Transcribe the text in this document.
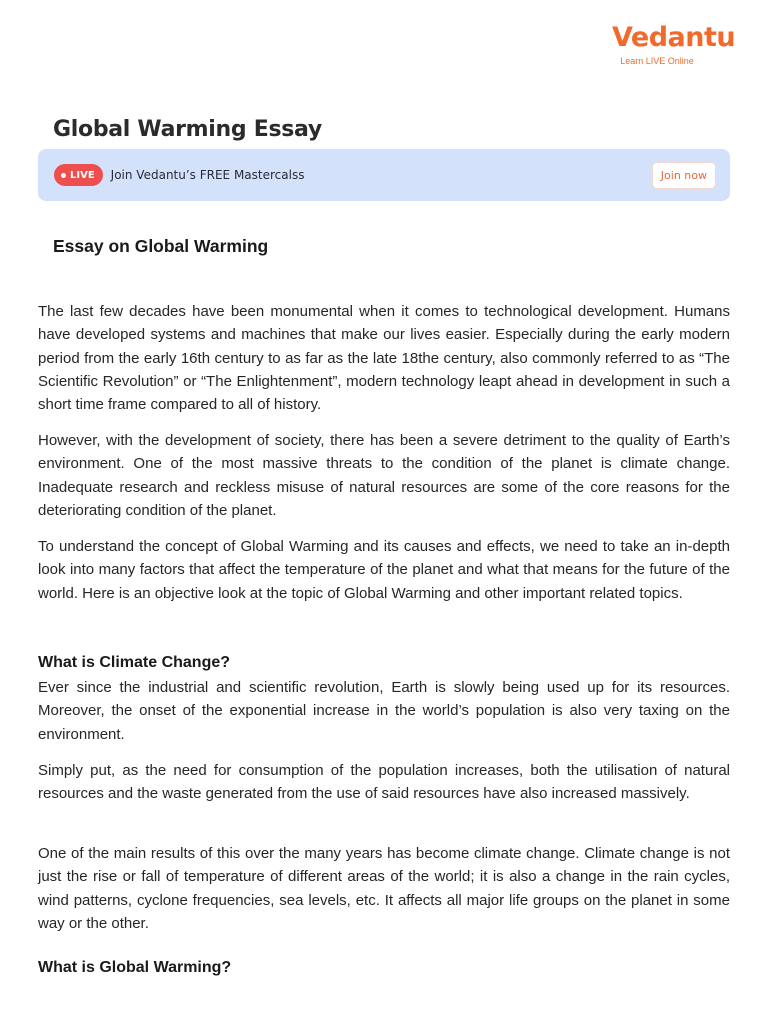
Vedantu
Learn LIVE Online
Global Warming Essay
LIVE Join Vedantu’s FREE Mastercalss	Join now
Essay on Global Warming

The last few decades have been monumental when it comes to technological development. Humans have developed systems and machines that make our lives easier. Especially during the early modern period from the early 16th century to as far as the late 18the century, also commonly referred to as “The Scientific Revolution” or “The Enlightenment”, modern technology leapt ahead in development in such a short time frame compared to all of history.

However, with the development of society, there has been a severe detriment to the quality of Earth’s environment. One of the most massive threats to the condition of the planet is climate change. Inadequate research and reckless misuse of natural resources are some of the core reasons for the deteriorating condition of the planet.

To understand the concept of Global Warming and its causes and effects, we need to take an in-depth look into many factors that affect the temperature of the planet and what that means for the future of the world. Here is an objective look at the topic of Global Warming and other important related topics.

What is Climate Change?

Ever since the industrial and scientific revolution, Earth is slowly being used up for its resources. Moreover, the onset of the exponential increase in the world’s population is also very taxing on the environment.

Simply put, as the need for consumption of the population increases, both the utilisation of natural resources and the waste generated from the use of said resources have also increased massively.

One of the main results of this over the many years has become climate change. Climate change is not just the rise or fall of temperature of different areas of the world; it is also a change in the rain cycles, wind patterns, cyclone frequencies, sea levels, etc. It affects all major life groups on the planet in some way or the other.

What is Global Warming?
